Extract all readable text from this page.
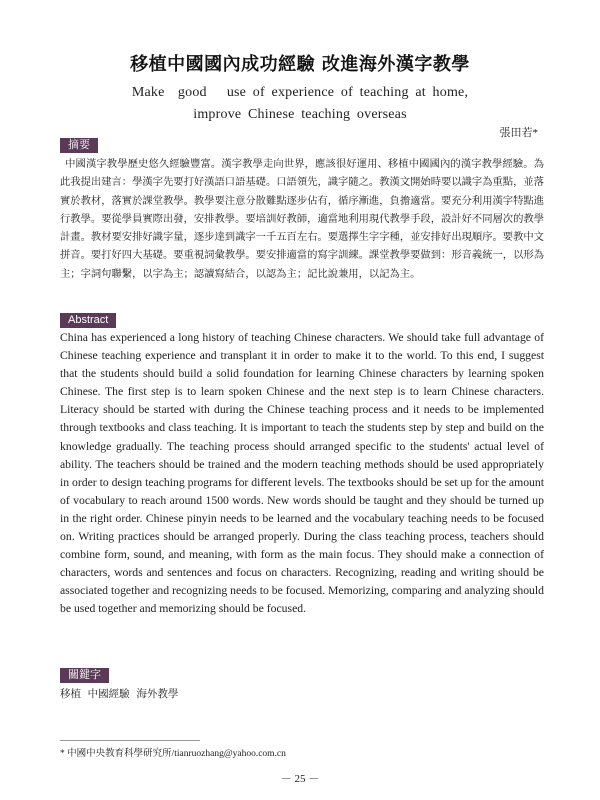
移植中國國內成功經驗 改進海外漢字教學
Make  good   use of experience of teaching at home,
improve Chinese teaching overseas
張田若*
摘要
中國漢字教學歷史悠久經驗豐富。漢字教學走向世界，應該很好運用、移植中國國內的漢字教學經驗。為此我提出建言：學漢字先要打好漢語口語基礎。口語領先，識字隨之。教漢文開始時要以識字為重點，並落實於教材，落實於課堂教學。教學要注意分散難點逐步佔有，循序漸進，負擔適當。要充分利用漢字特點進行教學。要從學員實際出發，安排教學。要培訓好教師，適當地利用現代教學手段，設計好不同層次的教學計畫。教材要安排好識字量，逐步達到識字一千五百左右。要選擇生字字種，並安排好出現順序。要教中文拼音。要打好四大基礎。要重視詞彙教學。要安排適當的寫字訓練。課堂教學要做到：形音義統一，以形為主；字詞句聯繫，以字為主；認讀寫結合，以認為主；記比說兼用，以記為主。
Abstract
China has experienced a long history of teaching Chinese characters. We should take full advantage of Chinese teaching experience and transplant it in order to make it to the world. To this end, I suggest that the students should build a solid foundation for learning Chinese characters by learning spoken Chinese. The first step is to learn spoken Chinese and the next step is to learn Chinese characters. Literacy should be started with during the Chinese teaching process and it needs to be implemented through textbooks and class teaching. It is important to teach the students step by step and build on the knowledge gradually. The teaching process should arranged specific to the students' actual level of ability. The teachers should be trained and the modern teaching methods should be used appropriately in order to design teaching programs for different levels. The textbooks should be set up for the amount of vocabulary to reach around 1500 words. New words should be taught and they should be turned up in the right order. Chinese pinyin needs to be learned and the vocabulary teaching needs to be focused on. Writing practices should be arranged properly. During the class teaching process, teachers should combine form, sound, and meaning, with form as the main focus. They should make a connection of characters, words and sentences and focus on characters. Recognizing, reading and writing should be associated together and recognizing needs to be focused. Memorizing, comparing and analyzing should be used together and memorizing should be focused.
關鍵字
移植  中國經驗  海外教學
* 中國中央教育科學研究所/tianruozhang@yahoo.com.cn
－ 25 －
